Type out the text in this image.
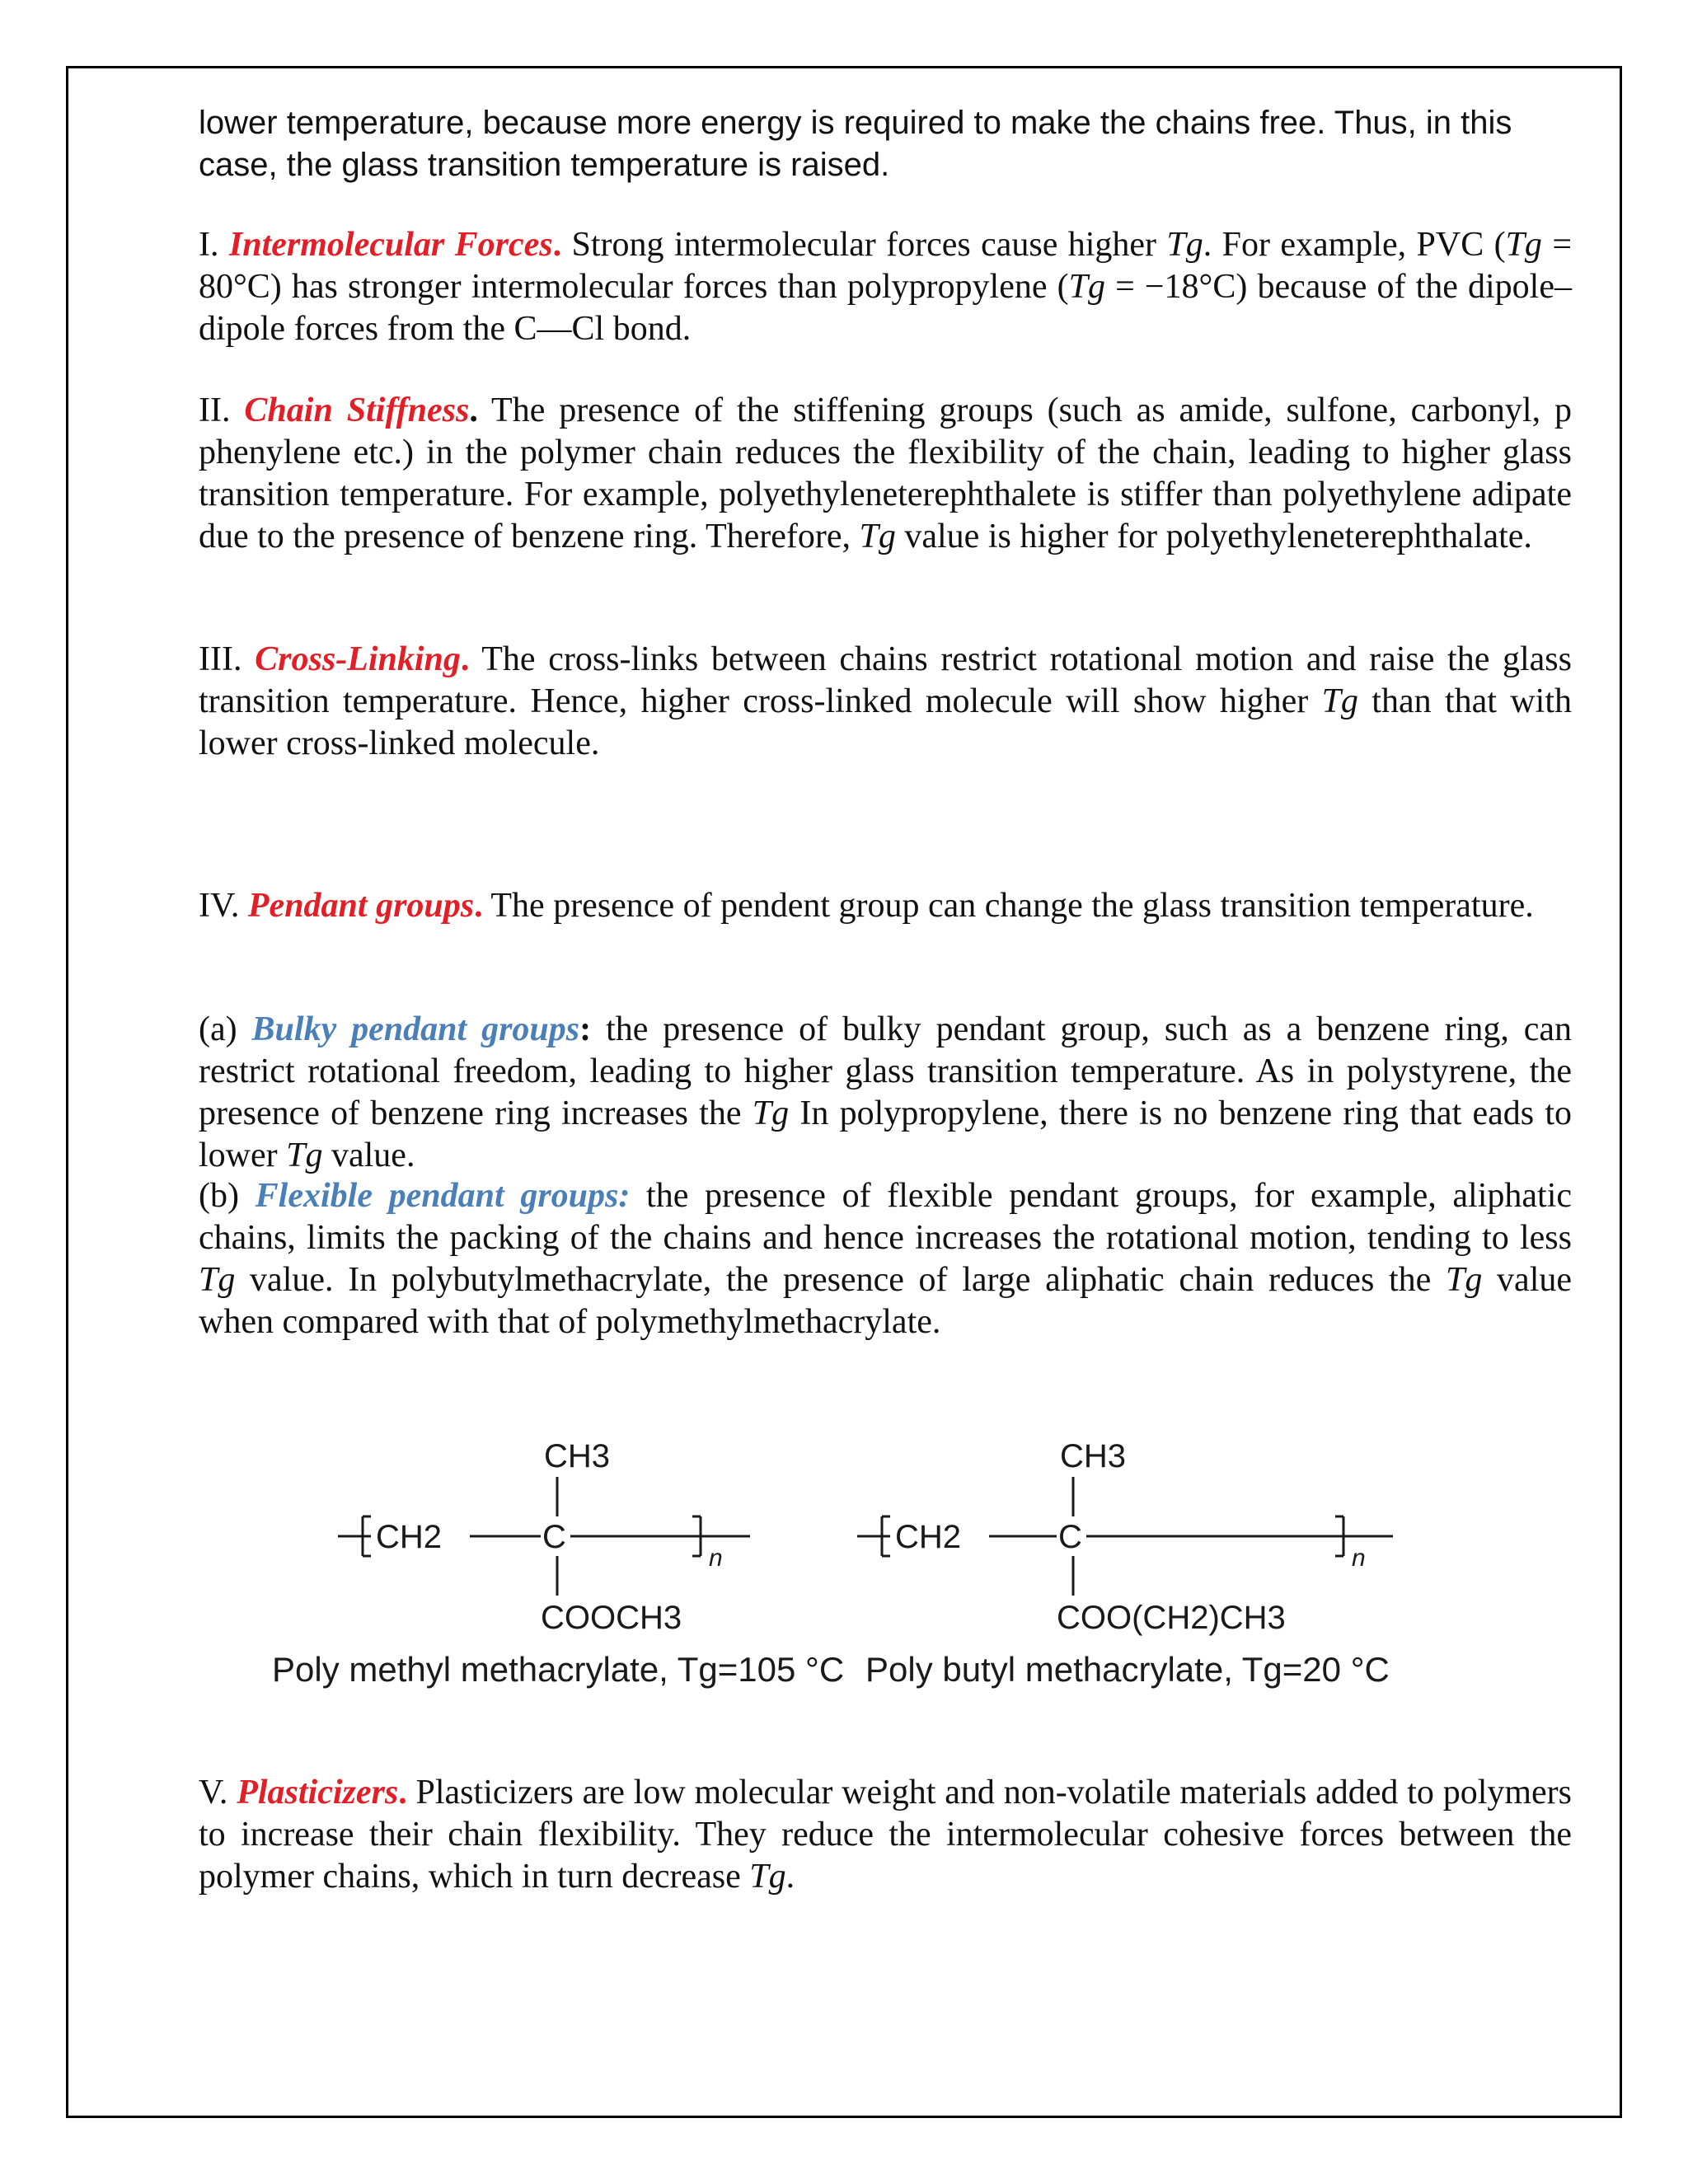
lower temperature, because more energy is required to make the chains free. Thus, in this case, the glass transition temperature is raised.

I. Intermolecular Forces. Strong intermolecular forces cause higher Tg. For example, PVC (Tg = 80°C) has stronger intermolecular forces than polypropylene (Tg = −18°C) because of the dipole–dipole forces from the C—Cl bond.

II. Chain Stiffness. The presence of the stiffening groups (such as amide, sulfone, carbonyl, p phenylene etc.) in the polymer chain reduces the flexibility of the chain, leading to higher glass transition temperature. For example, polyethyleneterephthalete is stiffer than polyethylene adipate due to the presence of benzene ring. Therefore, Tg value is higher for polyethyleneterephthalate.

III. Cross-Linking. The cross-links between chains restrict rotational motion and raise the glass transition temperature. Hence, higher cross-linked molecule will show higher Tg than that with lower cross-linked molecule.

IV. Pendant groups. The presence of pendent group can change the glass transition temperature.

(a) Bulky pendant groups: the presence of bulky pendant group, such as a benzene ring, can restrict rotational freedom, leading to higher glass transition temperature. As in polystyrene, the presence of benzene ring increases the Tg In polypropylene, there is no benzene ring that eads to lower Tg value.

(b) Flexible pendant groups: the presence of flexible pendant groups, for example, aliphatic chains, limits the packing of the chains and hence increases the rotational motion, tending to less Tg value. In polybutylmethacrylate, the presence of large aliphatic chain reduces the Tg value when compared with that of polymethylmethacrylate.

CH3
CH2	C
n
COOCH3
Poly methyl methacrylate, Tg=105 °C
CH3
CH2	C
n
COO(CH2)CH3
Poly butyl methacrylate, Tg=20 °C

V. Plasticizers. Plasticizers are low molecular weight and non-volatile materials added to polymers to increase their chain flexibility. They reduce the intermolecular cohesive forces between the polymer chains, which in turn decrease Tg.
